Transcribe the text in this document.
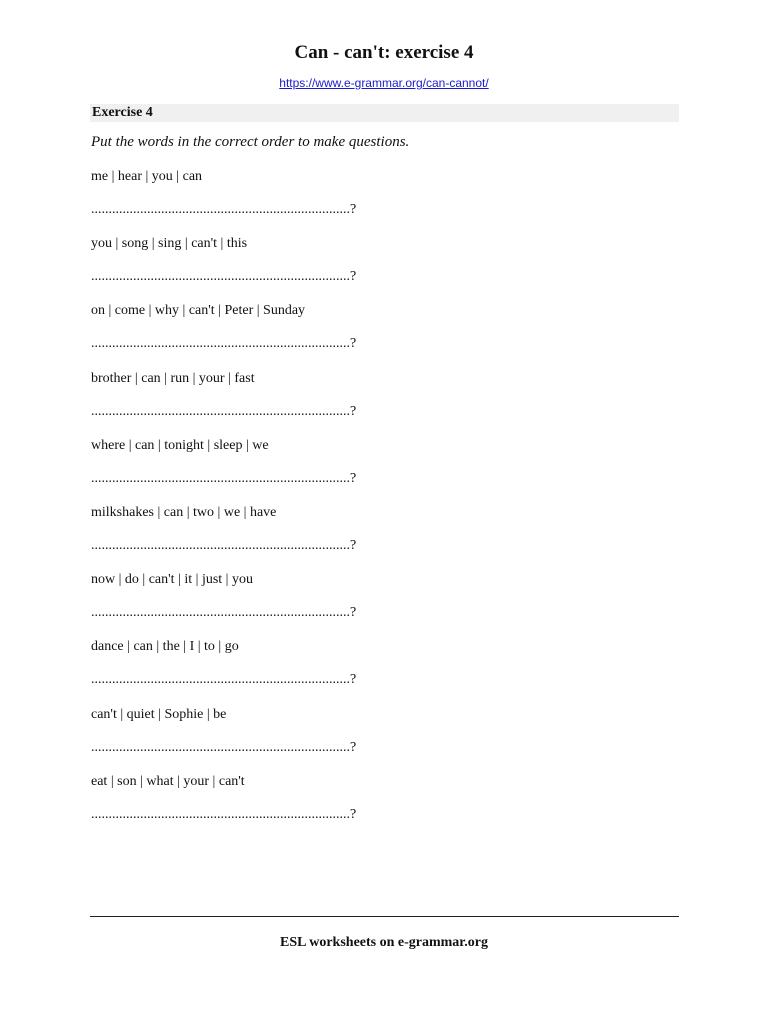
Can - can't: exercise 4
https://www.e-grammar.org/can-cannot/
Exercise 4
Put the words in the correct order to make questions.
me | hear | you | can
..........................................................................?
you | song | sing | can't | this
..........................................................................?
on | come | why | can't | Peter | Sunday
..........................................................................?
brother | can | run | your | fast
..........................................................................?
where | can | tonight | sleep | we
..........................................................................?
milkshakes | can | two | we | have
..........................................................................?
now | do | can't | it | just | you
..........................................................................?
dance | can | the | I | to | go
..........................................................................?
can't | quiet | Sophie | be
..........................................................................?
eat | son | what | your | can't
..........................................................................?
ESL worksheets on e-grammar.org
